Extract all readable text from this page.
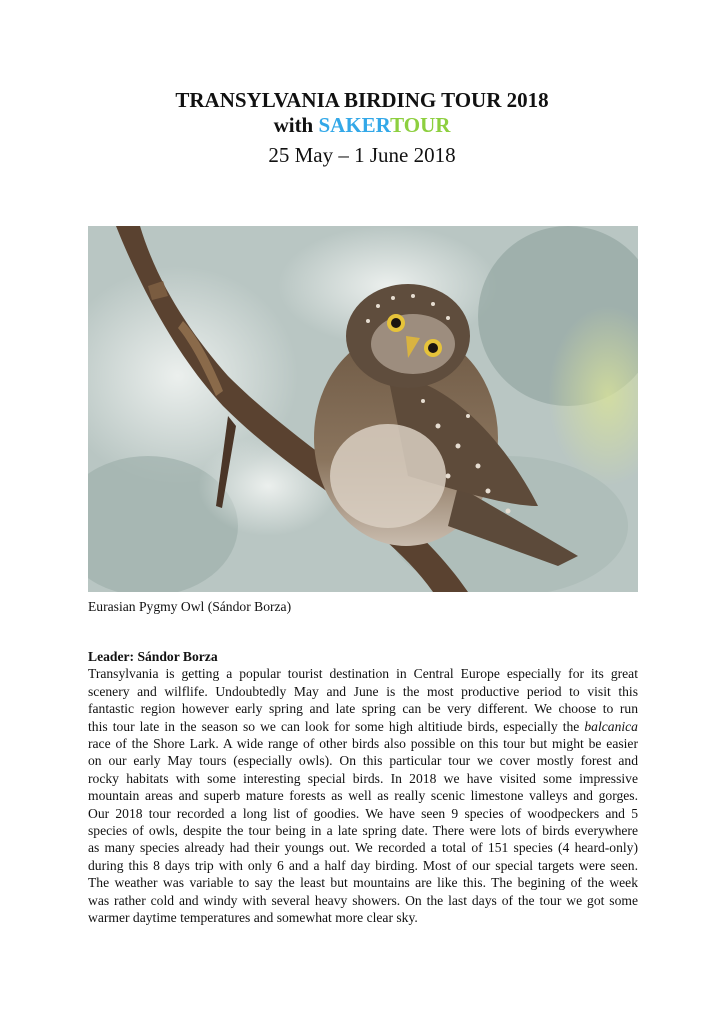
TRANSYLVANIA BIRDING TOUR 2018
with SAKERTOUR
25 May – 1 June 2018
Eurasian Pygmy Owl (Sándor Borza)
Leader: Sándor Borza
Transylvania is getting a popular tourist destination in Central Europe especially for its great
scenery and wilflife. Undoubtedly May and June is the most productive period to visit this
fantastic region however early spring and late spring can be very different. We choose to run
this tour late in the season so we can look for some high altitiude birds, especially the balcanica
race of the Shore Lark. A wide range of other birds also possible on this tour but might be easier
on our early May tours (especially owls). On this particular tour we cover mostly forest and
rocky habitats with some interesting special birds. In 2018 we have visited some impressive
mountain areas and superb mature forests as well as really scenic limestone valleys and gorges.
Our 2018 tour recorded a long list of goodies. We have seen 9 species of woodpeckers and 5
species of owls, despite the tour being in a late spring date. There were lots of birds everywhere
as many species already had their youngs out. We recorded a total of 151 species (4 heard-only)
during this 8 days trip with only 6 and a half day birding. Most of our special targets were seen.
The weather was variable to say the least but mountains are like this. The begining of the week
was rather cold and windy with several heavy showers. On the last days of the tour we got some
warmer daytime temperatures and somewhat more clear sky.
